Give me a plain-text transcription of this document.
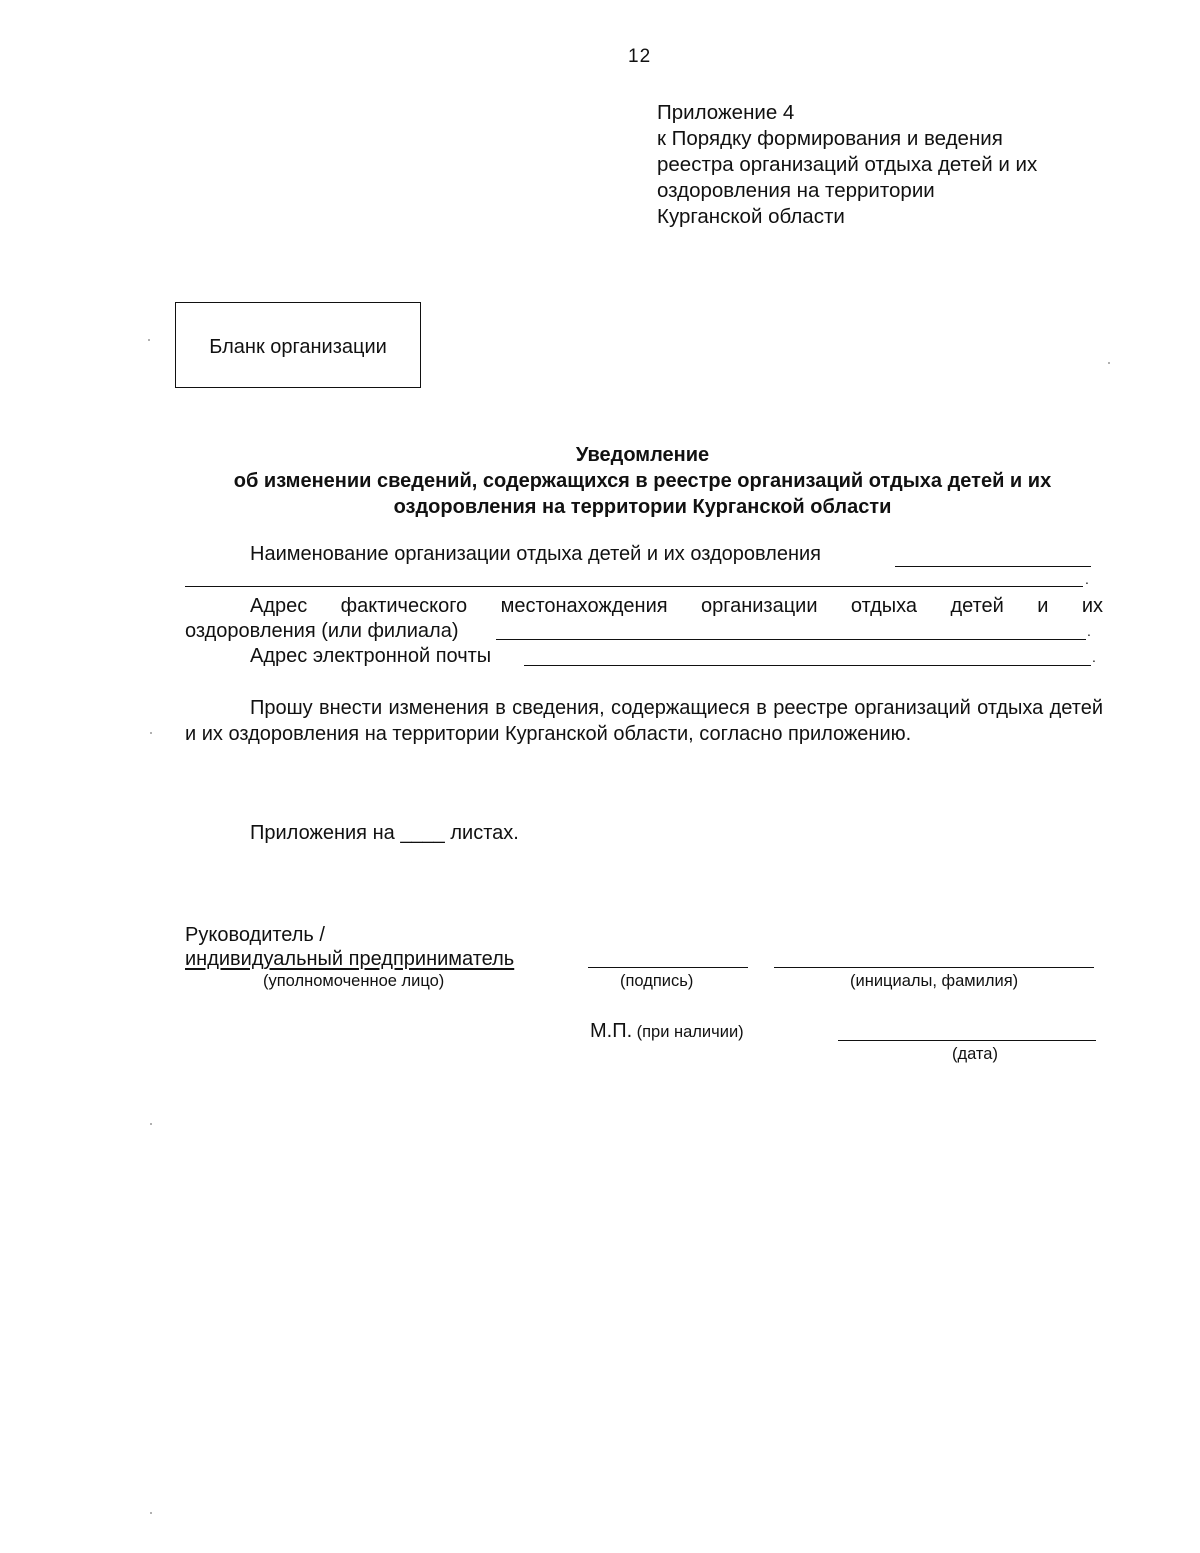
12
Приложение 4
к Порядку формирования и ведения
реестра организаций отдыха детей и их
оздоровления на территории
Курганской области
Бланк организации
Уведомление
об изменении сведений, содержащихся в реестре организаций отдыха детей и их
оздоровления на территории Курганской области
Наименование организации отдыха детей и их оздоровления
.
Адрес фактического местонахождения организации отдыха детей и их
оздоровления (или филиала)	.
Адрес электронной почты	.
Прошу внести изменения в сведения, содержащиеся в реестре организаций отдыха детей и их оздоровления на территории Курганской области, согласно приложению.
Приложения на ____ листах.
Руководитель /
индивидуальный предприниматель
(уполномоченное лицо)	(подпись)	(инициалы, фамилия)
М.П. (при наличии)
(дата)
